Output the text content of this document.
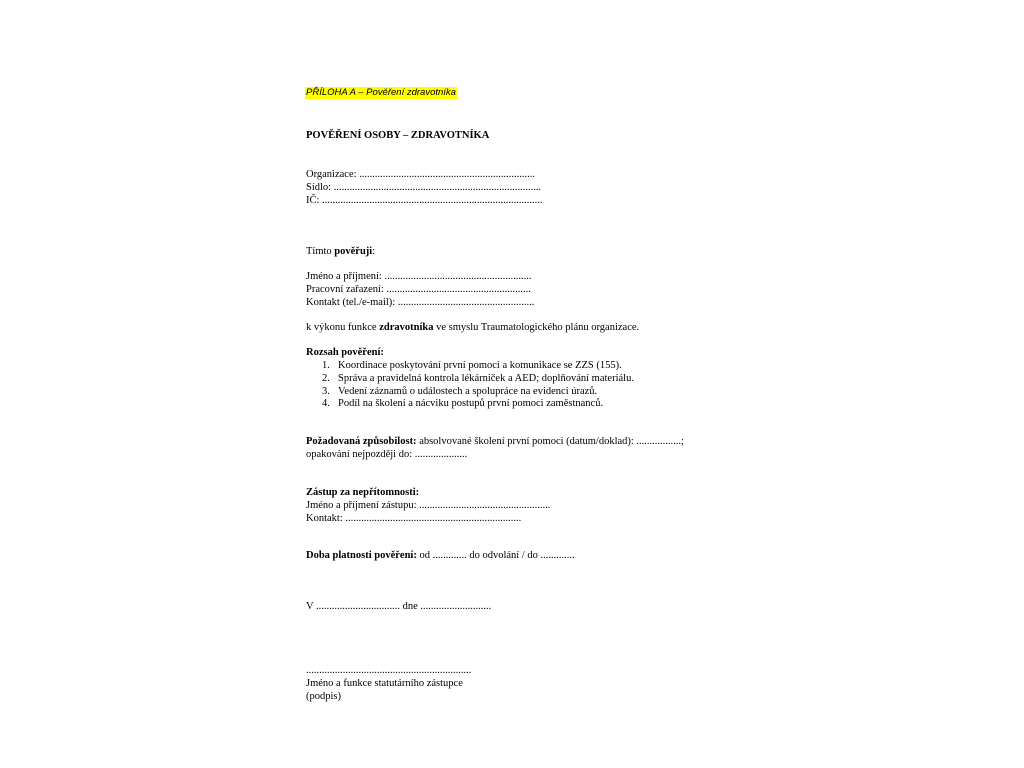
PŘÍLOHA A – Pověření zdravotníka
POVĚŘENÍ OSOBY – ZDRAVOTNÍKA
Organizace: ...................................................................
Sídlo: ...............................................................................
IČ: ....................................................................................
Tímto pověřuji:
Jméno a příjmení: ........................................................
Pracovní zařazení: .......................................................
Kontakt (tel./e-mail): ....................................................
k výkonu funkce zdravotníka ve smyslu Traumatologického plánu organizace.
Rozsah pověření:
1. Koordinace poskytování první pomoci a komunikace se ZZS (155).
2. Správa a pravidelná kontrola lékárniček a AED; doplňování materiálu.
3. Vedení záznamů o událostech a spolupráce na evidenci úrazů.
4. Podíl na školení a nácviku postupů první pomoci zaměstnanců.
Požadovaná způsobilost: absolvované školení první pomoci (datum/doklad): .................;
opakování nejpozději do: ....................
Zástup za nepřítomnosti:
Jméno a příjmení zástupu: ..................................................
Kontakt: ...................................................................
Doba platnosti pověření: od ............. do odvolání / do .............
V ................................ dne ...........................
...............................................................
Jméno a funkce statutárního zástupce
(podpis)
